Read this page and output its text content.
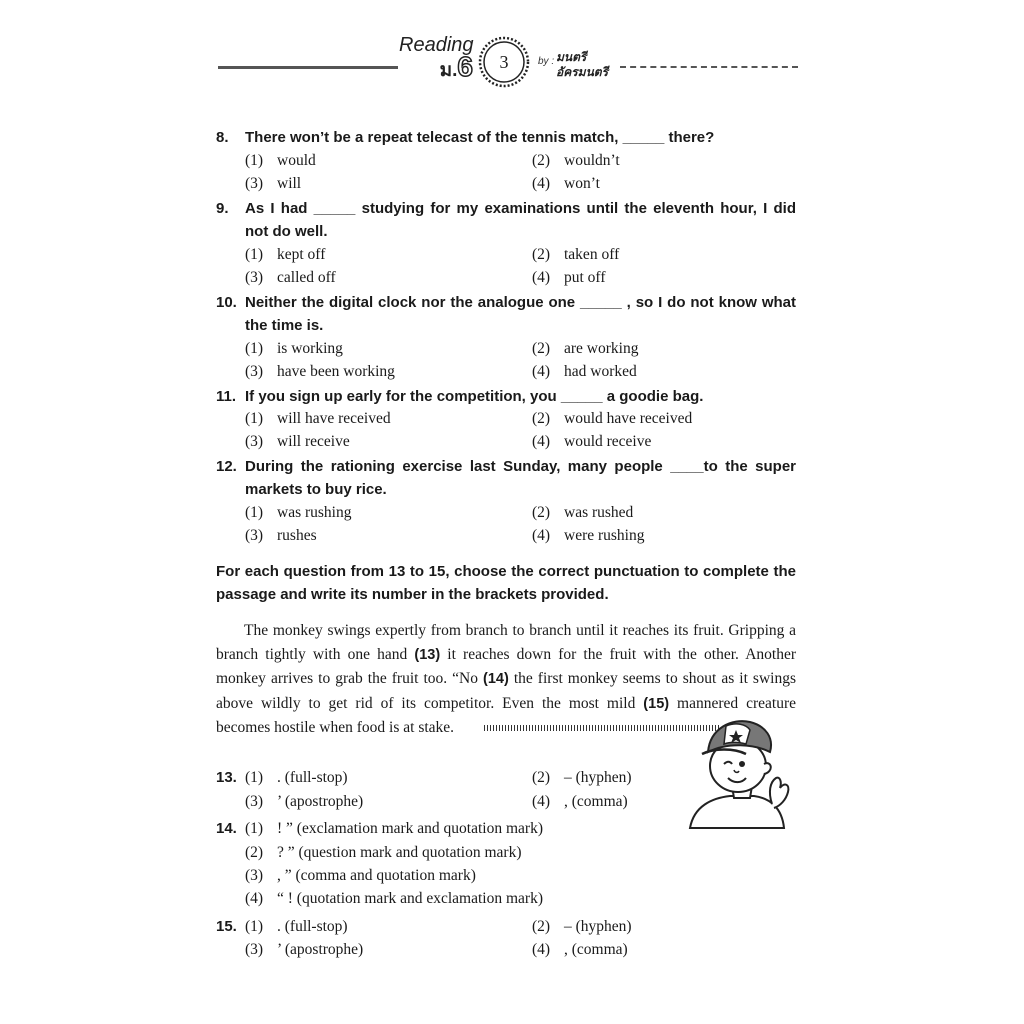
Reading
ม.6	3	by : มนตรี
อัครมนตรี
8. There won’t be a repeat telecast of the tennis match, _____ there?
(1) would	(2) wouldn’t
(3) will	(4) won’t
9. As I had _____ studying for my examinations until the eleventh hour, I did not do well.
(1) kept off	(2) taken off
(3) called off	(4) put off
10. Neither the digital clock nor the analogue one _____ , so I do not know what the time is.
(1) is working	(2) are working
(3) have been working	(4) had worked
11. If you sign up early for the competition, you _____ a goodie bag.
(1) will have received	(2) would have received
(3) will receive	(4) would receive
12. During the rationing exercise last Sunday, many people ____to the super markets to buy rice.
(1) was rushing	(2) was rushed
(3) rushes	(4) were rushing
For each question from 13 to 15, choose the correct punctuation to complete the passage and write its number in the brackets provided.

The monkey swings expertly from branch to branch until it reaches its fruit. Gripping a branch tightly with one hand (13) it reaches down for the fruit with the other. Another monkey arrives to grab the fruit too. “No (14) the first monkey seems to shout as it swings above wildly to get rid of its competitor. Even the most mild (15) mannered creature becomes hostile when food is at stake.

13. (1) . (full-stop)	(2) – (hyphen)
(3) ’ (apostrophe)	(4) , (comma)
14. (1) ! ” (exclamation mark and quotation mark)
(2) ? ” (question mark and quotation mark)
(3) , ” (comma and quotation mark)
(4) “ ! (quotation mark and exclamation mark)
15. (1) . (full-stop)	(2) – (hyphen)
(3) ’ (apostrophe)	(4) , (comma)
